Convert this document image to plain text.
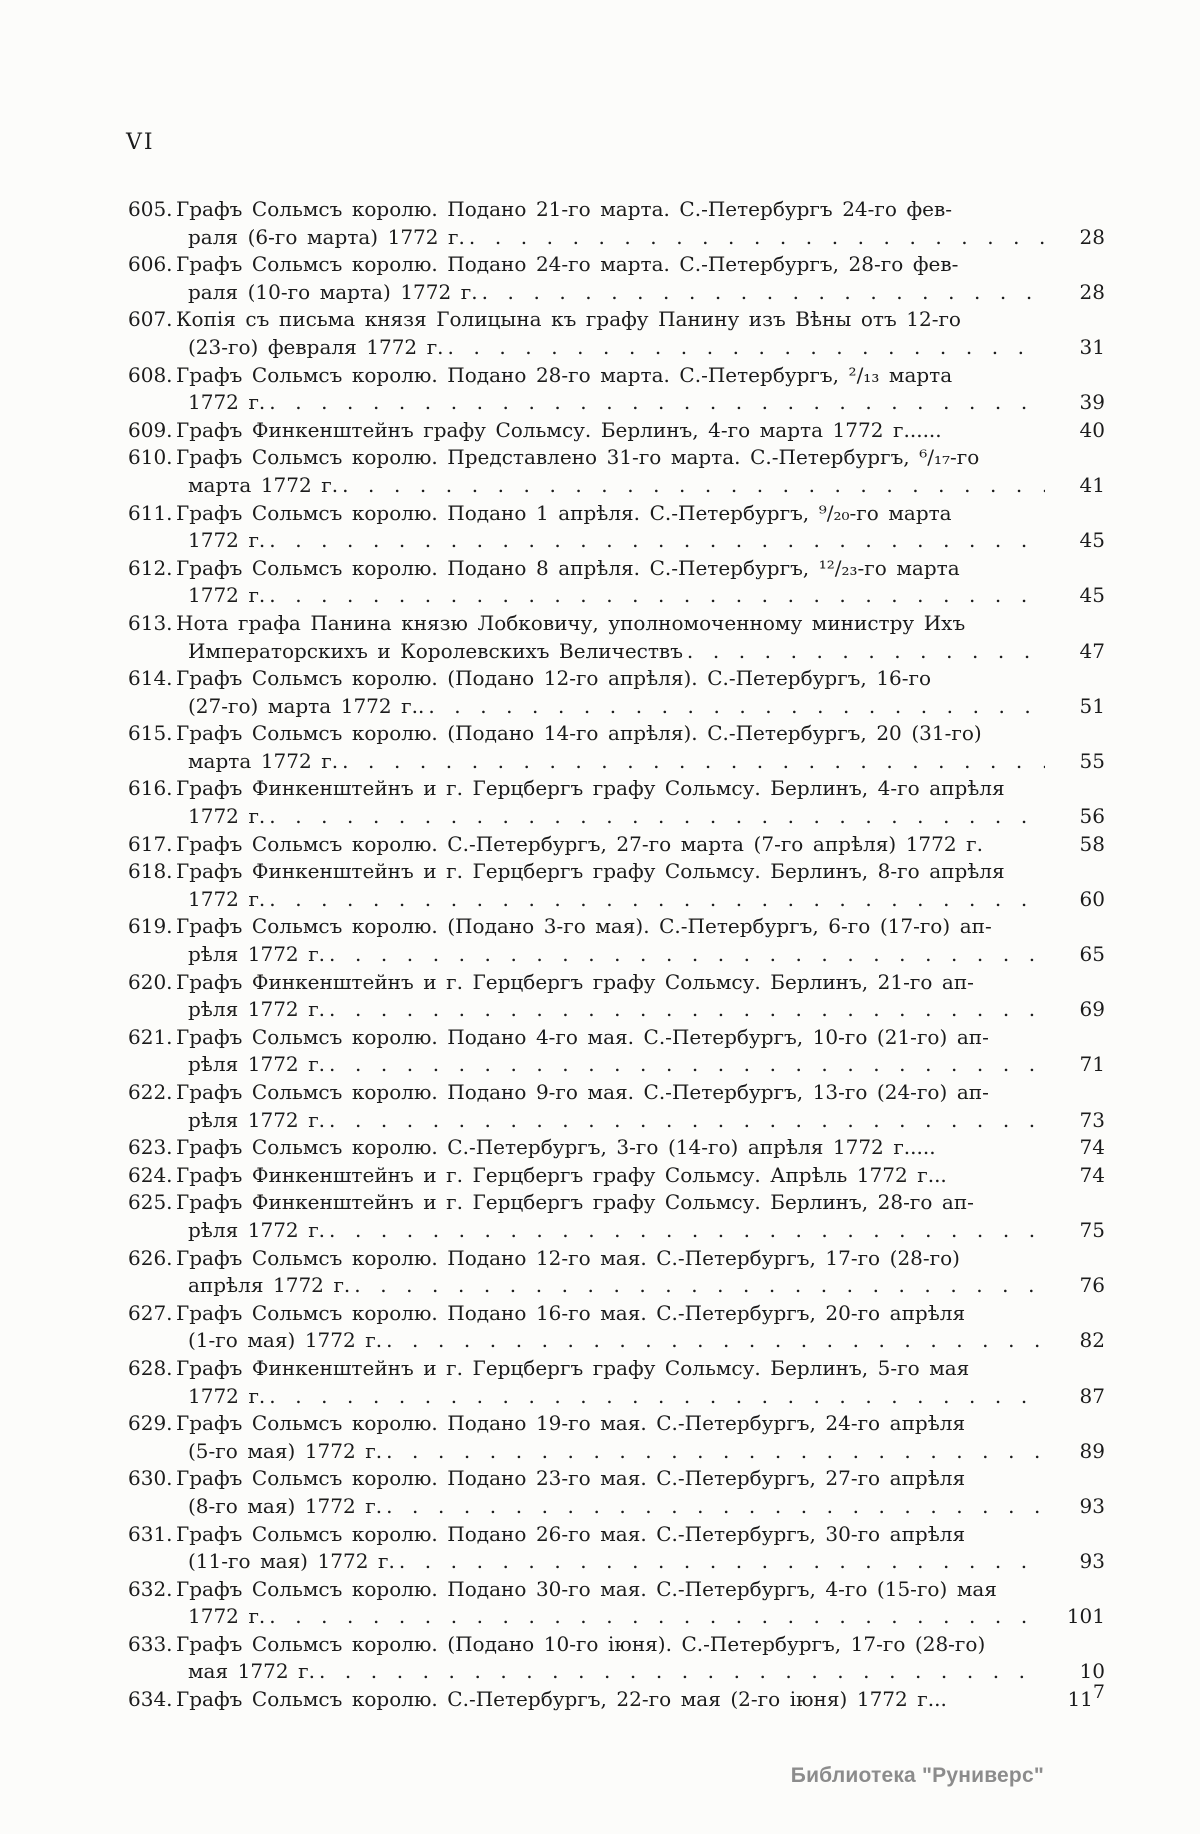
VI
605. Графъ Сольмсъ королю. Подано 21-го марта. С.-Петербургъ 24-го фев-
раля (6-го марта) 1772 г. . . .	28
606. Графъ Сольмсъ королю. Подано 24-го марта. С.-Петербургъ, 28-го фев-
раля (10-го марта) 1772 г. . . .	28
607. Копія съ письма князя Голицына къ графу Панину изъ Вѣны отъ 12-го
(23-го) февраля 1772 г. . . .	31
608. Графъ Сольмсъ королю. Подано 28-го марта. С.-Петербургъ, ²/₁₃ марта
1772 г. . . .	39
609. Графъ Финкенштейнъ графу Сольмсу. Берлинъ, 4-го марта 1772 г......	40
610. Графъ Сольмсъ королю. Представлено 31-го марта. С.-Петербургъ, ⁶/₁₇-го
марта 1772 г. . . .	41
611. Графъ Сольмсъ королю. Подано 1 апрѣля. С.-Петербургъ, ⁹/₂₀-го марта
1772 г. . . .	45
612. Графъ Сольмсъ королю. Подано 8 апрѣля. С.-Петербургъ, ¹²/₂₃-го марта
1772 г. . . .	45
613. Нота графа Панина князю Лобковичу, уполномоченному министру Ихъ
Императорскихъ и Королевскихъ Величествъ . . .	47
614. Графъ Сольмсъ королю. (Подано 12-го апрѣля). С.-Петербургъ, 16-го
(27-го) марта 1772 г.. . . .	51
615. Графъ Сольмсъ королю. (Подано 14-го апрѣля). С.-Петербургъ, 20 (31-го)
марта 1772 г. . . .	55
616. Графъ Финкенштейнъ и г. Герцбергъ графу Сольмсу. Берлинъ, 4-го апрѣля
1772 г. . . .	56
617. Графъ Сольмсъ королю. С.-Петербургъ, 27-го марта (7-го апрѣля) 1772 г.	58
618. Графъ Финкенштейнъ и г. Герцбергъ графу Сольмсу. Берлинъ, 8-го апрѣля
1772 г. . . .	60
619. Графъ Сольмсъ королю. (Подано 3-го мая). С.-Петербургъ, 6-го (17-го) ап-
рѣля 1772 г. . . .	65
620. Графъ Финкенштейнъ и г. Герцбергъ графу Сольмсу. Берлинъ, 21-го ап-
рѣля 1772 г. . . .	69
621. Графъ Сольмсъ королю. Подано 4-го мая. С.-Петербургъ, 10-го (21-го) ап-
рѣля 1772 г. . . .	71
622. Графъ Сольмсъ королю. Подано 9-го мая. С.-Петербургъ, 13-го (24-го) ап-
рѣля 1772 г. . . .	73
623. Графъ Сольмсъ королю. С.-Петербургъ, 3-го (14-го) апрѣля 1772 г.....	74
624. Графъ Финкенштейнъ и г. Герцбергъ графу Сольмсу. Апрѣль 1772 г...	74
625. Графъ Финкенштейнъ и г. Герцбергъ графу Сольмсу. Берлинъ, 28-го ап-
рѣля 1772 г. . . .	75
626. Графъ Сольмсъ королю. Подано 12-го мая. С.-Петербургъ, 17-го (28-го)
апрѣля 1772 г. . . .	76
627. Графъ Сольмсъ королю. Подано 16-го мая. С.-Петербургъ, 20-го апрѣля
(1-го мая) 1772 г. . . .	82
628. Графъ Финкенштейнъ и г. Герцбергъ графу Сольмсу. Берлинъ, 5-го мая
1772 г. . . .	87
629. Графъ Сольмсъ королю. Подано 19-го мая. С.-Петербургъ, 24-го апрѣля
(5-го мая) 1772 г. . . .	89
630. Графъ Сольмсъ королю. Подано 23-го мая. С.-Петербургъ, 27-го апрѣля
(8-го мая) 1772 г. . . .	93
631. Графъ Сольмсъ королю. Подано 26-го мая. С.-Петербургъ, 30-го апрѣля
(11-го мая) 1772 г. . . .	93
632. Графъ Сольмсъ королю. Подано 30-го мая. С.-Петербургъ, 4-го (15-го) мая
1772 г. . . .	101
633. Графъ Сольмсъ королю. (Подано 10-го іюня). С.-Петербургъ, 17-го (28-го)
мая 1772 г. . . .	10
634. Графъ Сольмсъ королю. С.-Петербургъ, 22-го мая (2-го іюня) 1772 г...	117
Библиотека "Руниверс"
